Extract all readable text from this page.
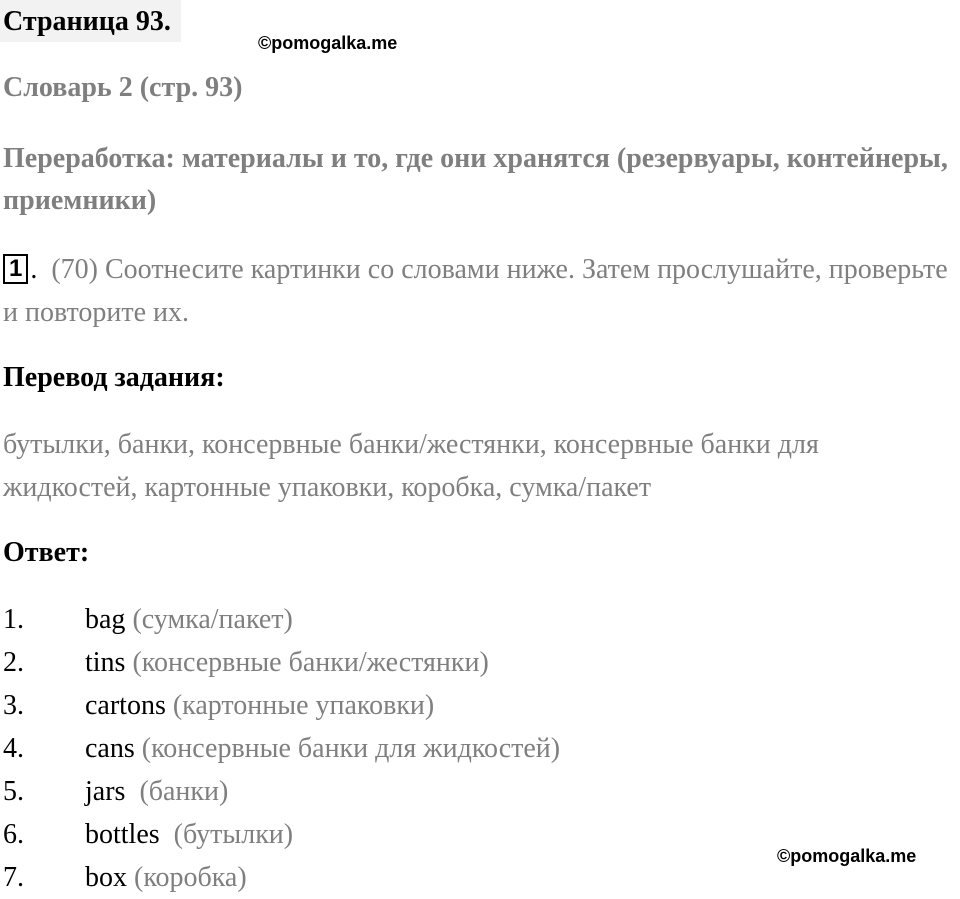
Страница 93.
©pomogalka.me
Словарь 2 (стр. 93)
Переработка: материалы и то, где они хранятся (резервуары, контейнеры, приемники)
1 . (70) Соотнесите картинки со словами ниже. Затем прослушайте, проверьте и повторите их.
Перевод задания:
бутылки, банки, консервные банки/жестянки, консервные банки для жидкостей, картонные упаковки, коробка, сумка/пакет
Ответ:
1. bag (сумка/пакет)
2. tins (консервные банки/жестянки)
3. cartons (картонные упаковки)
4. cans (консервные банки для жидкостей)
5. jars  (банки)
6. bottles  (бутылки)
7. box (коробка)
©pomogalka.me
